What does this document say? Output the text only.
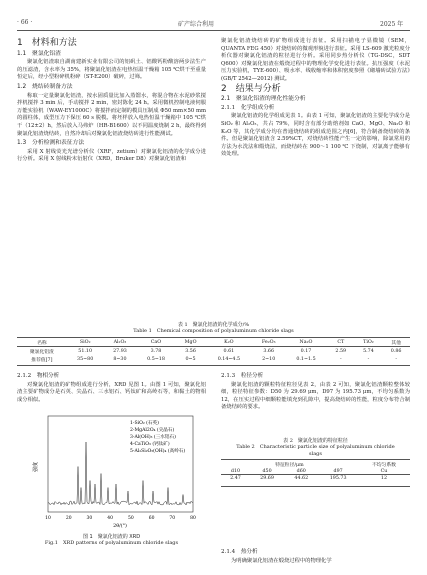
· 66 ·	矿产综合利用	2025 年
1　材料和方法
1.1　聚氯化铝渣

聚氯化铝渣取自湖南建新实业有限公司的铝矾土、铝酸钙粉酸溶两步法生产的压滤渣，含水率为 35%，将聚氯化铝渣在电热恒温干燥箱 105 ℃烘干至重量恒定后，经小型粉碎机粉碎（ST-E200）破碎，过筛。

1.2　烧结砖制备方法

称取一定量聚氯化铝渣，按水固质量比加入蒸馏水，将混合物在水泥砂浆搅拌机搅拌 3 min 后，手动搅拌 2 min，密封陈化 24 h。采用微机控制电液伺服万能实验机（WAW-EY1000C）将搅拌而定制的模具压制成 Φ50 mm×50 mm 的圆柱体，成型压力下保压 60 s 脱模。将坯样放入电热恒温干燥箱中 105 ℃烘干（12±2）h，然后放入马弗炉（HR-B1600）以不同温度烧制 2 h，最终得到聚氯化铝渣烧结砖，自然冷却后对聚氯化铝渣烧结砖进行性能测试。

1.3　分析检测和表征方法

采用 X 射线荧光光谱分析仪（XRF，zetium）对聚氯化铝渣的化学成分进行分析。采用 X 射线粉末衍射仪（XRD，Bruker D8）对聚氯化铝渣和

聚氯化铝渣烧结砖的矿物组成进行表征。采用扫描电子显微镜（SEM，QUANTA FEG 450）对烧结砖的微观形貌进行表征。采用 LS-609 激光粒度分析仪器对聚氯化铝渣的粒径进行分析。采用同步热分析仪（TG-DSC，SDT Q600）对聚氯化铝渣在煅烧过程中的物理化学变化进行表征。抗压强度（水泥压力实验机，TYE-600）、吸水率、线收缩率和体积密度参照《砌墙砖试验方法》(GB/T 2542—2012) 测试。

2　结果与分析
2.1　聚氯化铝渣的理化性能分析
2.1.1　化学组成分析

聚氯化铝渣的化学组成见表 1。由表 1 可知，聚氯化铝渣的主要化学成分是 SiO₂ 和 Al₂O₃，共占 79%，同时含有部分助熔剂如 CaO、MgO、Na₂O 和 K₂O 等，其化学成分均在普通烧结砖的组成范围之内[6]，符合制备烧结砖的条件。但是聚氯化铝渣含 2.59%CT，对烧结砖性能产生一定的影响，除氯常用的方法为水洗法和煅烧法，而烧结砖在 900～1 100 ℃ 下烧制，对氯离子能够有效处理。

表 1　聚氯化铝渣的化学成分/%
Table 1　Chemical composition of polyaluminum chloride slags
名称	SiO₂	Al₂O₃	CaO	MgO	K₂O	Fe₂O₃	Na₂O	CT	TiO₂	其他
聚氯化铝渣	51.10	27.93	3.78	3.56	0.61	3.66	0.17	2.59	5.74	0.86
推荐值[7]	35~80	8~30	0.5~18	0~5	0.14~4.5	2~10	0.1~1.5	-	-	-
2.1.2　物相分析

对聚氯化铝渣的矿物组成进行分析，XRD 见图 1。由图 1 可知，聚氯化铝渣主要矿物成分是石英、尖晶石、三水铝石、钙钛矿和高岭石等，和黏土的物相成分相似。

强度
10	20	30	40	50	60	70	80
2θ/(°)
1-SiO₂ (石英)
2-MgAl2O₄ (尖晶石)
3-Al(OH)₃ (三水铝石)
4-CaTiO₃ (钙钛矿)
5-Al₂Si₂O₅(OH)₄ (高岭石)
图 1　聚氯化铝渣的 XRD
Fig.1　XRD patterns of polyaluminum chloride slags
2.1.3　粒径分析

聚氯化铝渣的颗粒特征粒径见表 2，由表 2 可知，聚氯化铝渣颗粒整体较细，粒径特征参数：D50 为 29.69 μm，D97 为 195.73 μm，不均匀系数为 12，在压实过程中细颗粒能填充到孔隙中，提高烧结砖的性能，粒度分布符合制备烧结砖的要求。

表 2　聚氯化铝渣的特征粒径
Table 2　Characteristic particle size of polyaluminum chloride
slags
特征粒径/μm				不均匀系数
d10	d50	d60	d97	Cu
2.47	29.69	44.62	195.73	12
2.1.4　热分析

为明确聚氯化铝渣在煅烧过程中的物理化学
